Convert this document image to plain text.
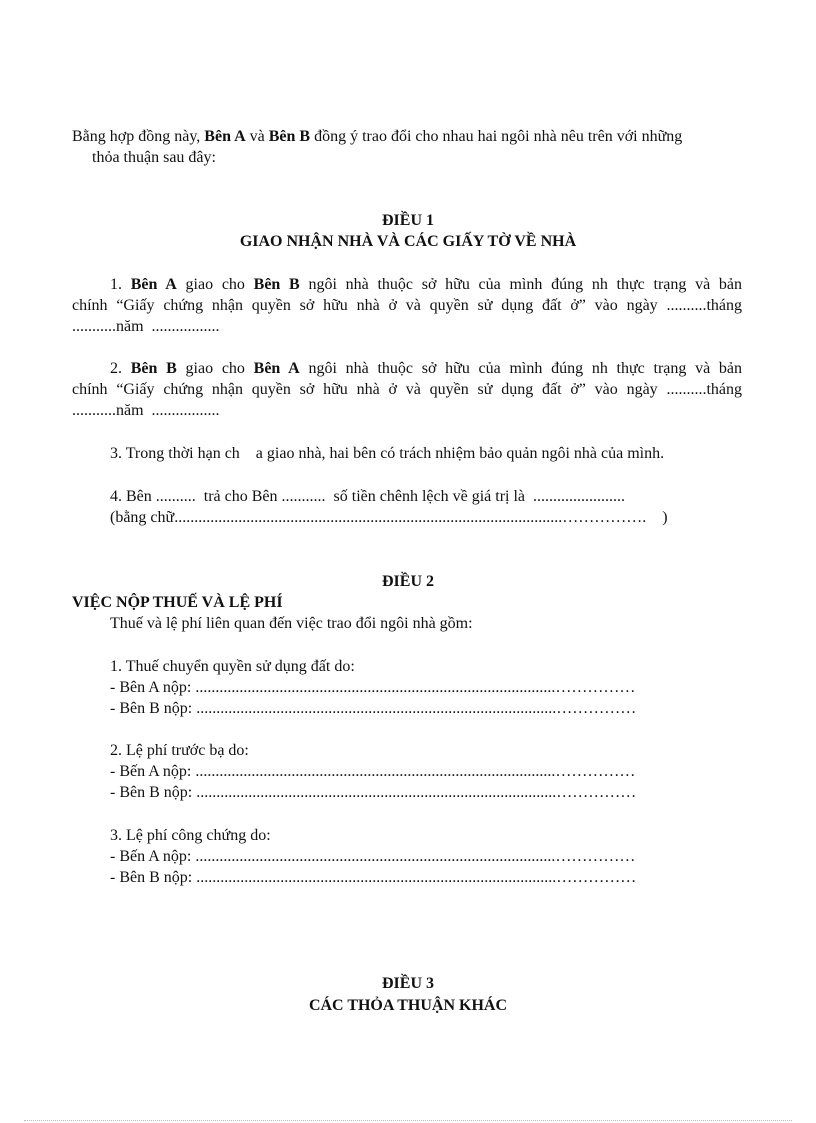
Bằng hợp đồng này, Bên A và Bên B đồng ý trao đổi cho nhau hai ngôi nhà nêu trên với những
thỏa thuận sau đây:
ĐIỀU 1
GIAO NHẬN NHÀ VÀ CÁC GIẤY TỜ VỀ NHÀ
1. Bên A giao cho Bên B ngôi nhà thuộc sở hữu của mình đúng nh thực trạng và bản
chính “Giấy chứng nhận quyền sở hữu nhà ở và quyền sử dụng đất ở” vào ngày ..........tháng
...........năm  .................
2. Bên B giao cho Bên A ngôi nhà thuộc sở hữu của mình đúng nh thực trạng và bản
chính “Giấy chứng nhận quyền sở hữu nhà ở và quyền sử dụng đất ở” vào ngày ..........tháng
...........năm  .................
3. Trong thời hạn ch    a giao nhà, hai bên có trách nhiệm bảo quản ngôi nhà của mình.
4. Bên ..........  trả cho Bên ...........  số tiền chênh lệch về giá trị là  .......................
(bằng chữ.................................................................................................…………….    )
ĐIỀU 2
VIỆC NỘP THUẾ VÀ LỆ PHÍ
Thuế và lệ phí liên quan đến việc trao đổi ngôi nhà gồm:
1. Thuế chuyển quyền sử dụng đất do:
- Bên A nộp: ..........................................................................................……………
- Bên B nộp: ..........................................................................................……………
2. Lệ phí trước bạ do:
- Bến A nộp: ..........................................................................................……………
- Bên B nộp: ..........................................................................................……………
3. Lệ phí công chứng do:
- Bến A nộp: ..........................................................................................……………
- Bên B nộp: ..........................................................................................……………
ĐIỀU 3
CÁC THỎA THUẬN KHÁC
